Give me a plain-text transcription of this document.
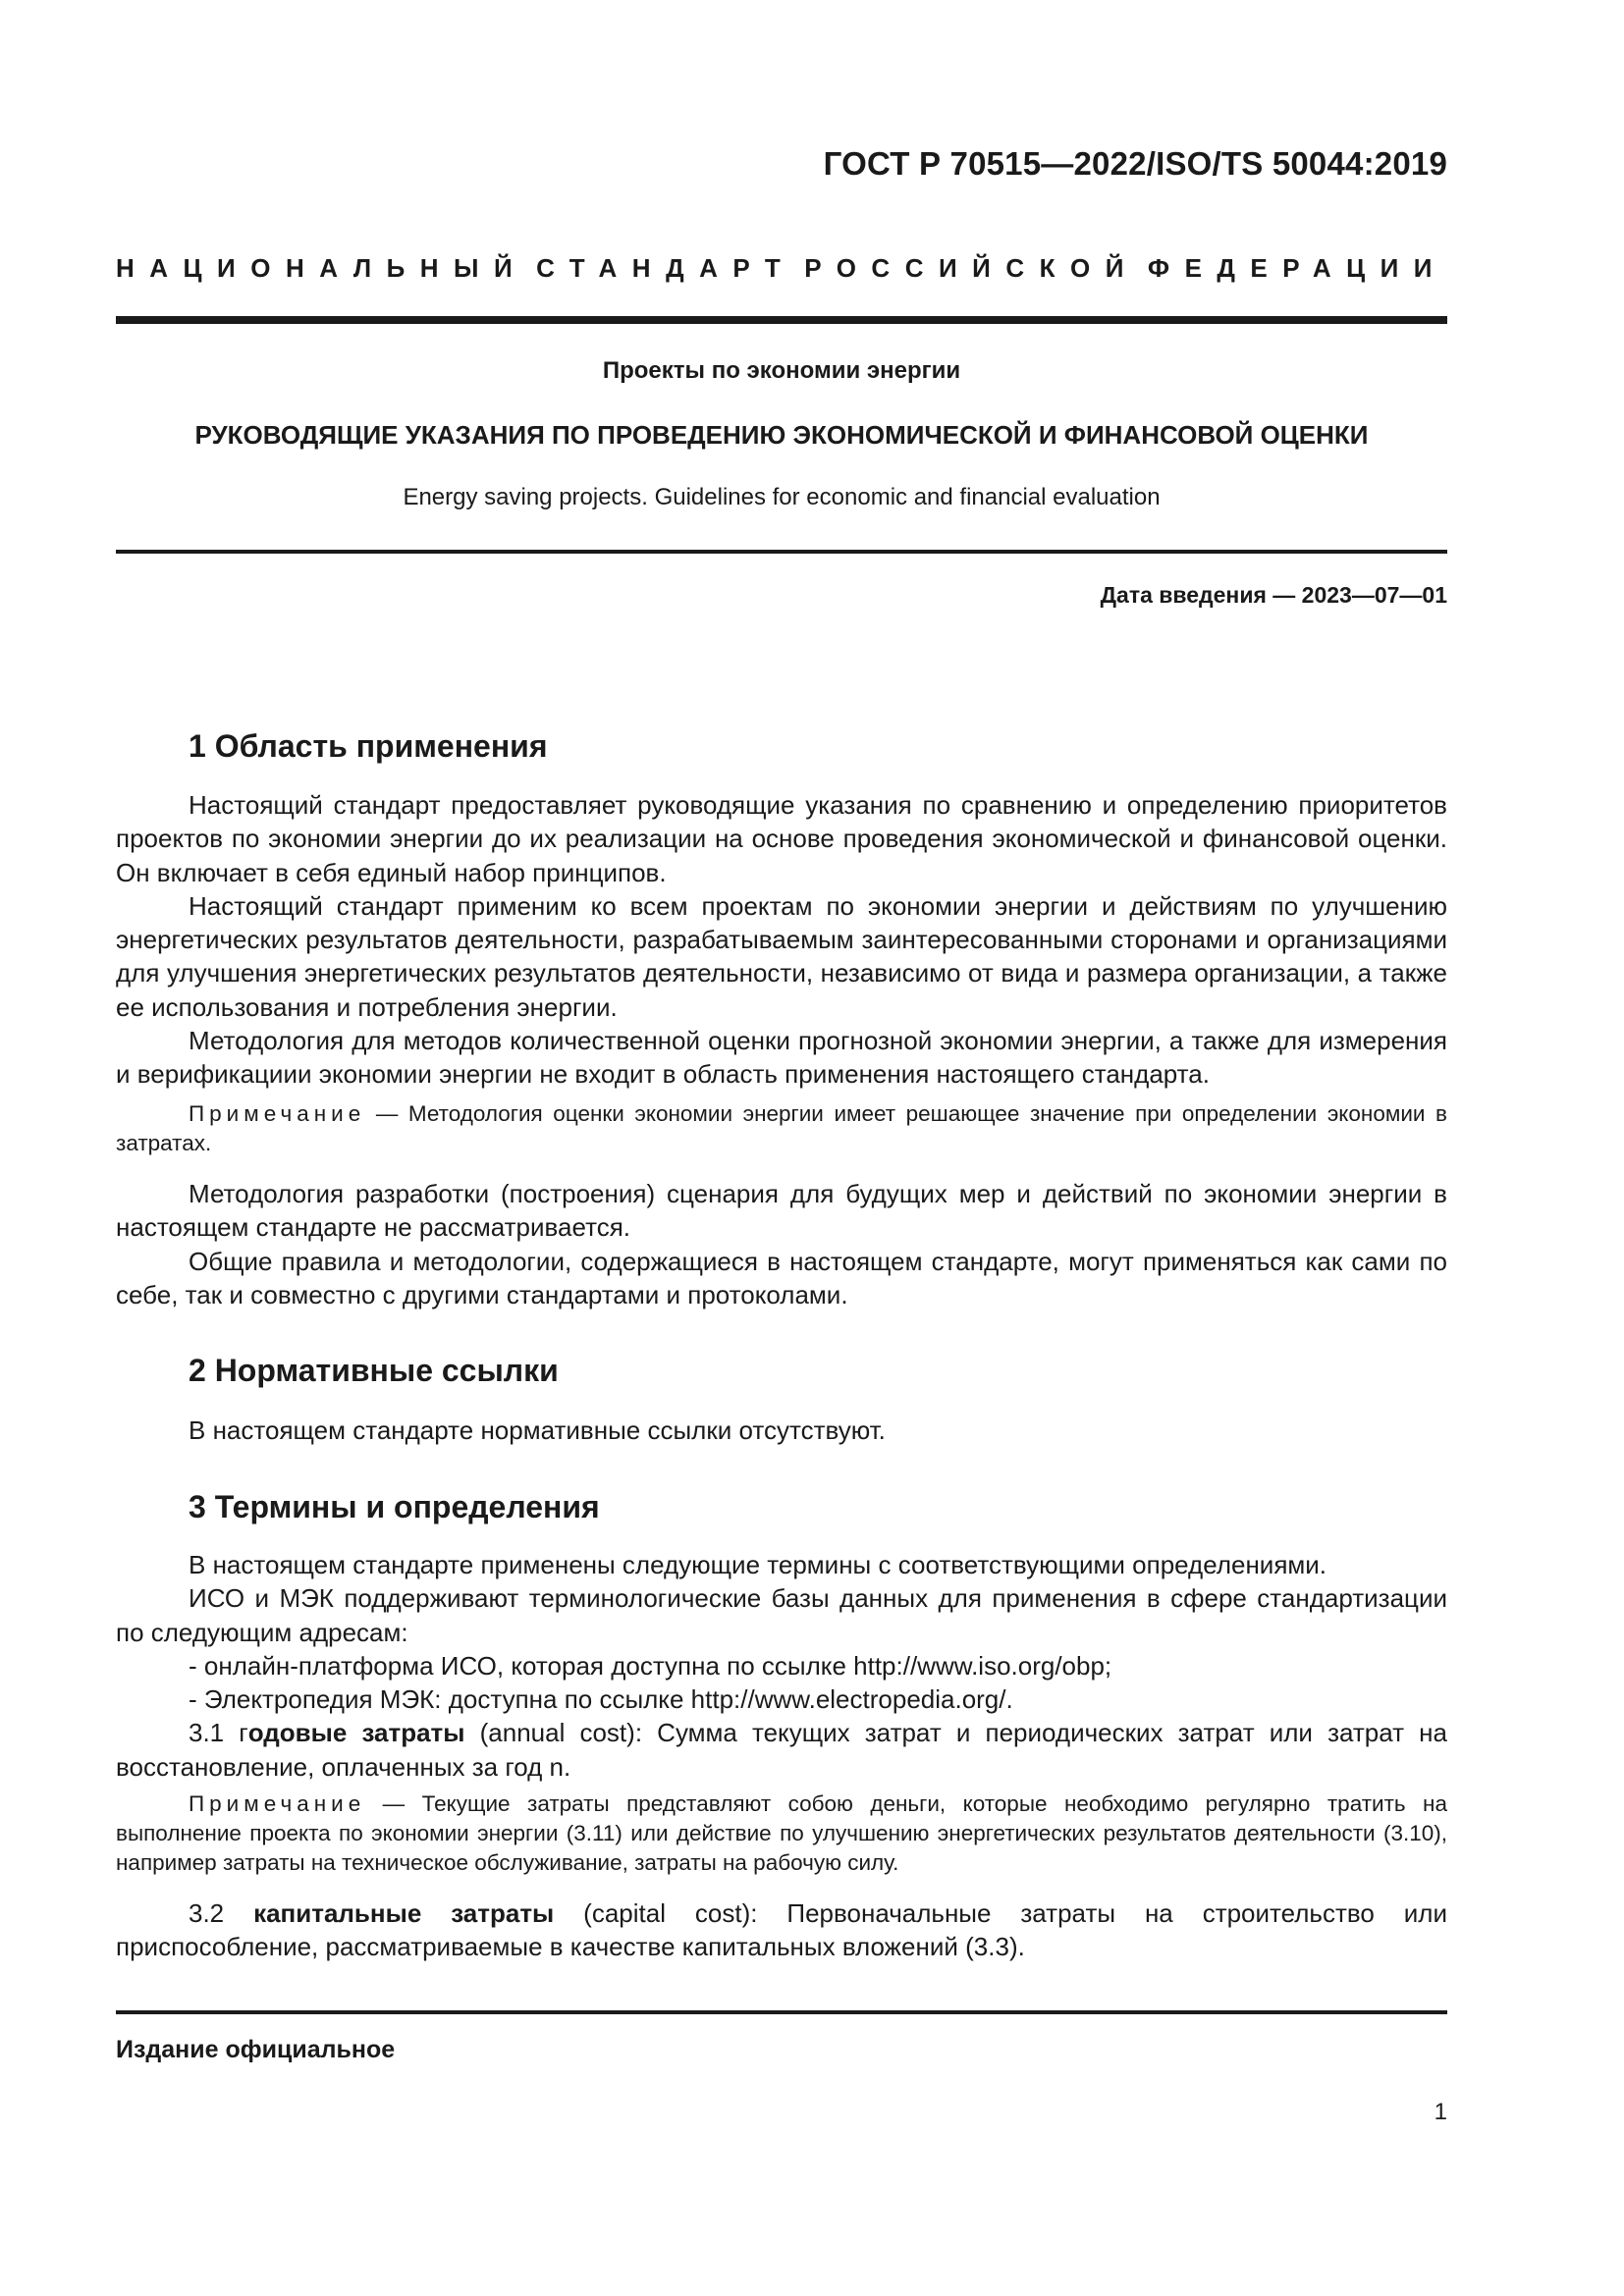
ГОСТ Р 70515—2022/ISO/TS 50044:2019
НАЦИОНАЛЬНЫЙ СТАНДАРТ РОССИЙСКОЙ ФЕДЕРАЦИИ
Проекты по экономии энергии
РУКОВОДЯЩИЕ УКАЗАНИЯ ПО ПРОВЕДЕНИЮ ЭКОНОМИЧЕСКОЙ И ФИНАНСОВОЙ ОЦЕНКИ
Energy saving projects. Guidelines for economic and financial evaluation
Дата введения — 2023—07—01
1 Область применения

Настоящий стандарт предоставляет руководящие указания по сравнению и определению приоритетов проектов по экономии энергии до их реализации на основе проведения экономической и финансовой оценки. Он включает в себя единый набор принципов.

Настоящий стандарт применим ко всем проектам по экономии энергии и действиям по улучшению энергетических результатов деятельности, разрабатываемым заинтересованными сторонами и организациями для улучшения энергетических результатов деятельности, независимо от вида и размера организации, а также ее использования и потребления энергии.

Методология для методов количественной оценки прогнозной экономии энергии, а также для измерения и верификациии экономии энергии не входит в область применения настоящего стандарта.

Примечание — Методология оценки экономии энергии имеет решающее значение при определении экономии в затратах.

Методология разработки (построения) сценария для будущих мер и действий по экономии энергии в настоящем стандарте не рассматривается.

Общие правила и методологии, содержащиеся в настоящем стандарте, могут применяться как сами по себе, так и совместно с другими стандартами и протоколами.

2 Нормативные ссылки

В настоящем стандарте нормативные ссылки отсутствуют.

3 Термины и определения

В настоящем стандарте применены следующие термины с соответствующими определениями.

ИСО и МЭК поддерживают терминологические базы данных для применения в сфере стандартизации по следующим адресам:

- онлайн-платформа ИСО, которая доступна по ссылке http://www.iso.org/obp;
- Электропедия МЭК: доступна по ссылке http://www.electropedia.org/.

3.1 годовые затраты (annual cost): Сумма текущих затрат и периодических затрат или затрат на восстановление, оплаченных за год n.

Примечание — Текущие затраты представляют собою деньги, которые необходимо регулярно тратить на выполнение проекта по экономии энергии (3.11) или действие по улучшению энергетических результатов деятельности (3.10), например затраты на техническое обслуживание, затраты на рабочую силу.

3.2 капитальные затраты (capital cost): Первоначальные затраты на строительство или приспособление, рассматриваемые в качестве капитальных вложений (3.3).

Издание официальное
1
